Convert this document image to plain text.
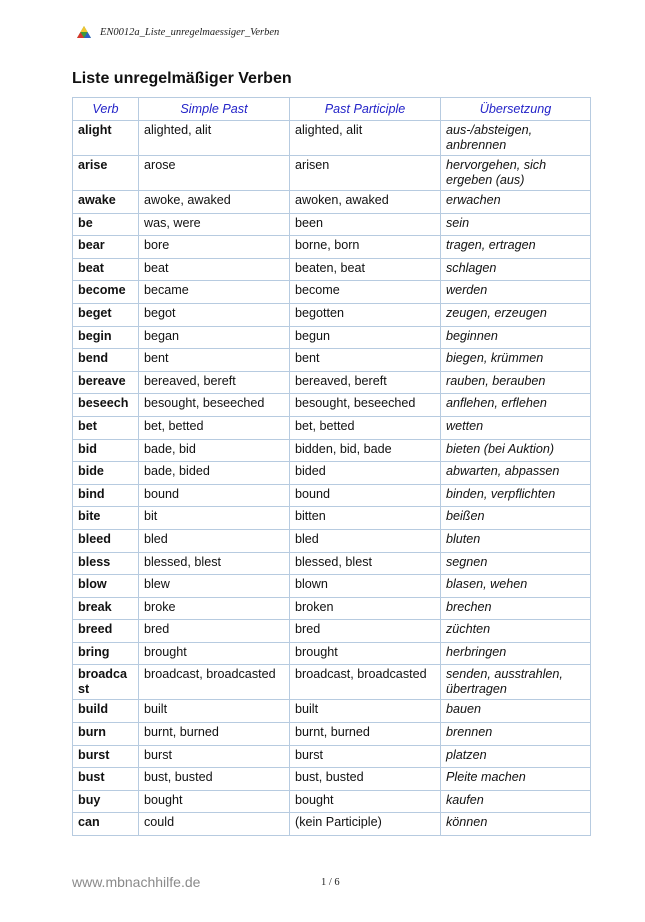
EN0012a_Liste_unregelmaessiger_Verben
Liste unregelmäßiger Verben
Verb	Simple Past	Past Participle	Übersetzung
alight	alighted, alit	alighted, alit	aus-/absteigen, anbrennen
arise	arose	arisen	hervorgehen, sich ergeben (aus)
awake	awoke, awaked	awoken, awaked	erwachen
be	was, were	been	sein
bear	bore	borne, born	tragen, ertragen
beat	beat	beaten, beat	schlagen
become	became	become	werden
beget	begot	begotten	zeugen, erzeugen
begin	began	begun	beginnen
bend	bent	bent	biegen, krümmen
bereave	bereaved, bereft	bereaved, bereft	rauben, berauben
beseech	besought, beseeched	besought, beseeched	anflehen, erflehen
bet	bet, betted	bet, betted	wetten
bid	bade, bid	bidden, bid, bade	bieten (bei Auktion)
bide	bade, bided	bided	abwarten, abpassen
bind	bound	bound	binden, verpflichten
bite	bit	bitten	beißen
bleed	bled	bled	bluten
bless	blessed, blest	blessed, blest	segnen
blow	blew	blown	blasen, wehen
break	broke	broken	brechen
breed	bred	bred	züchten
bring	brought	brought	herbringen
broadcast	broadcast, broadcasted	broadcast, broadcasted	senden, ausstrahlen, übertragen
build	built	built	bauen
burn	burnt, burned	burnt, burned	brennen
burst	burst	burst	platzen
bust	bust, busted	bust, busted	Pleite machen
buy	bought	bought	kaufen
can	could	(kein Participle)	können
www.mbnachhilfe.de	1 / 6
